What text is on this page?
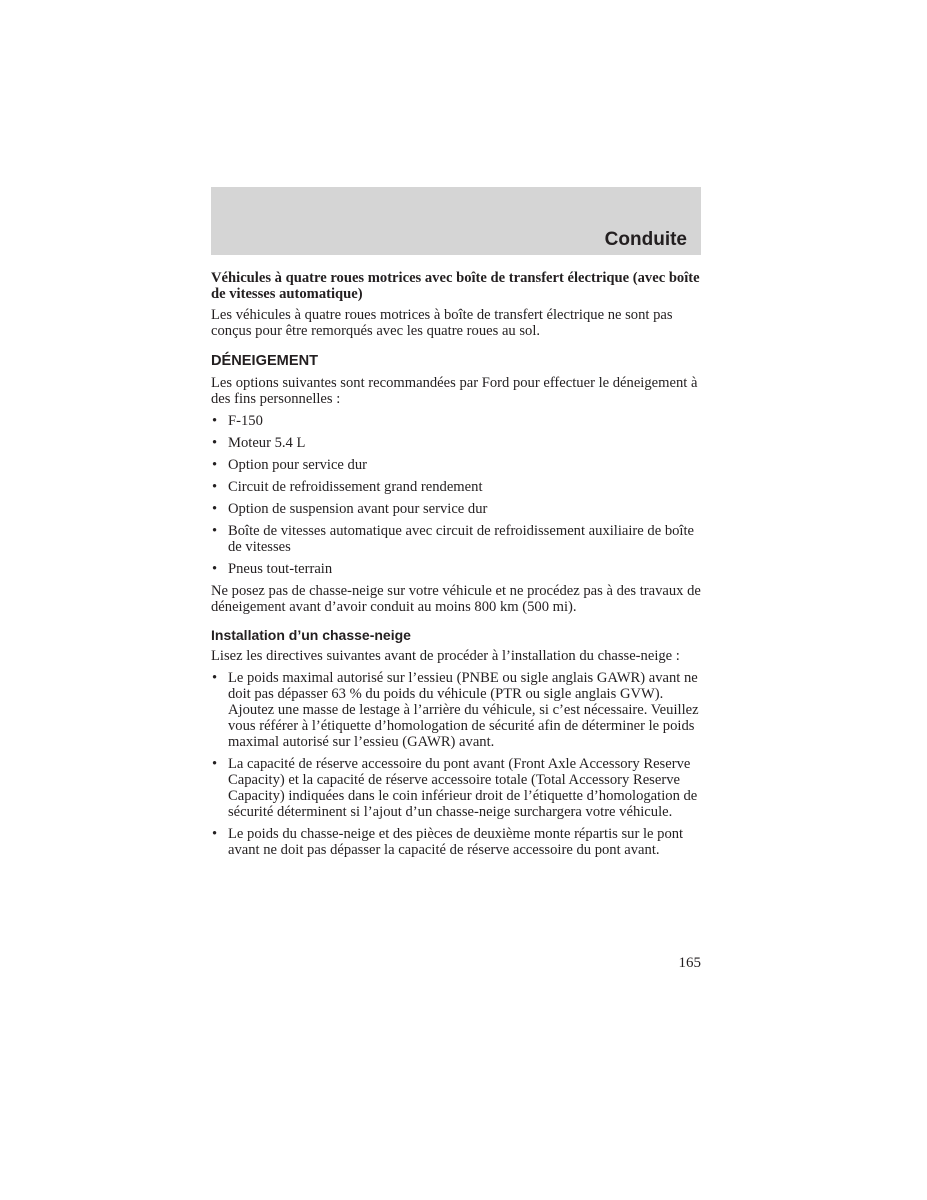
Conduite
Véhicules à quatre roues motrices avec boîte de transfert électrique (avec boîte de vitesses automatique)

Les véhicules à quatre roues motrices à boîte de transfert électrique ne sont pas conçus pour être remorqués avec les quatre roues au sol.

DÉNEIGEMENT

Les options suivantes sont recommandées par Ford pour effectuer le déneigement à des fins personnelles :

• F-150
• Moteur 5.4 L
• Option pour service dur
• Circuit de refroidissement grand rendement
• Option de suspension avant pour service dur
• Boîte de vitesses automatique avec circuit de refroidissement auxiliaire de boîte de vitesses
• Pneus tout-terrain

Ne posez pas de chasse-neige sur votre véhicule et ne procédez pas à des travaux de déneigement avant d’avoir conduit au moins 800 km (500 mi).

Installation d’un chasse-neige

Lisez les directives suivantes avant de procéder à l’installation du chasse-neige :

• Le poids maximal autorisé sur l’essieu (PNBE ou sigle anglais GAWR) avant ne doit pas dépasser 63 % du poids du véhicule (PTR ou sigle anglais GVW). Ajoutez une masse de lestage à l’arrière du véhicule, si c’est nécessaire. Veuillez vous référer à l’étiquette d’homologation de sécurité afin de déterminer le poids maximal autorisé sur l’essieu (GAWR) avant.
• La capacité de réserve accessoire du pont avant (Front Axle Accessory Reserve Capacity) et la capacité de réserve accessoire totale (Total Accessory Reserve Capacity) indiquées dans le coin inférieur droit de l’étiquette d’homologation de sécurité déterminent si l’ajout d’un chasse-neige surchargera votre véhicule.
• Le poids du chasse-neige et des pièces de deuxième monte répartis sur le pont avant ne doit pas dépasser la capacité de réserve accessoire du pont avant.
165
